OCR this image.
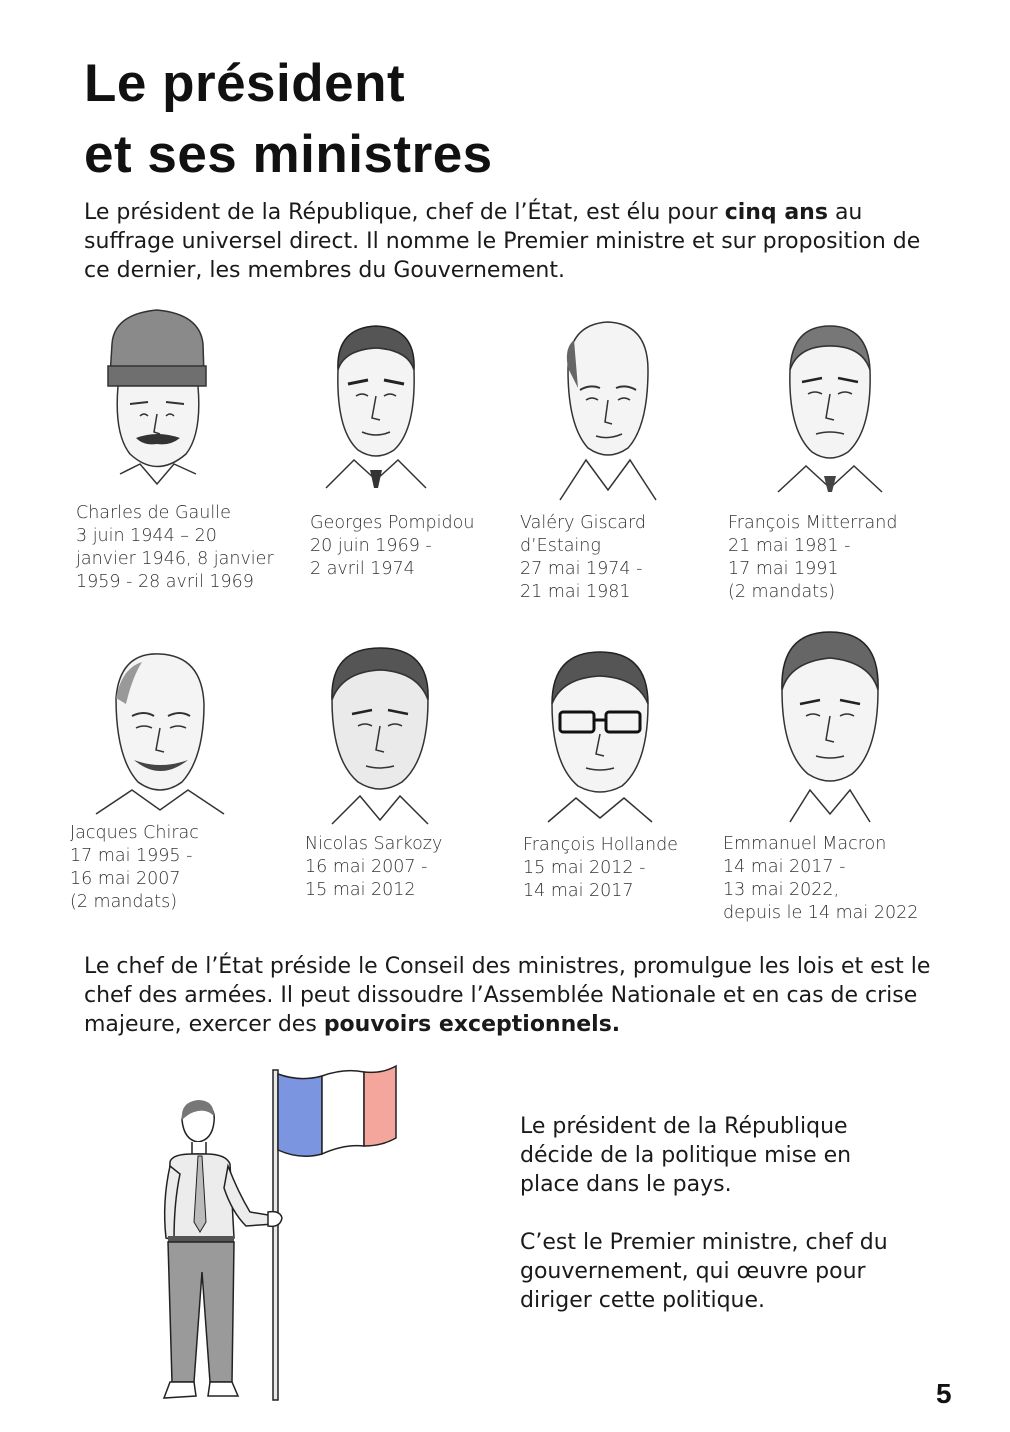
Le président
et ses ministres

Le président de la République, chef de l’État, est élu pour cinq ans au suffrage universel direct. Il nomme le Premier ministre et sur proposition de ce dernier, les membres du Gouvernement.

Charles de Gaulle
3 juin 1944 – 20
janvier 1946, 8 janvier
1959 - 28 avril 1969
Georges Pompidou
20 juin 1969 -
2 avril 1974
Valéry Giscard
d’Estaing
27 mai 1974 -
21 mai 1981
François Mitterrand
21 mai 1981 -
17 mai 1991
(2 mandats)
Jacques Chirac
17 mai 1995 -
16 mai 2007
(2 mandats)
Nicolas Sarkozy
16 mai 2007 -
15 mai 2012
François Hollande
15 mai 2012 -
14 mai 2017
Emmanuel Macron
14 mai 2017 -
13 mai 2022,
depuis le 14 mai 2022

Le chef de l’État préside le Conseil des ministres, promulgue les lois et est le chef des armées. Il peut dissoudre l’Assemblée Nationale et en cas de crise majeure, exercer des pouvoirs exceptionnels.

Le président de la République décide de la politique mise en place dans le pays.

C’est le Premier ministre, chef du gouvernement, qui œuvre pour diriger cette politique.

5
